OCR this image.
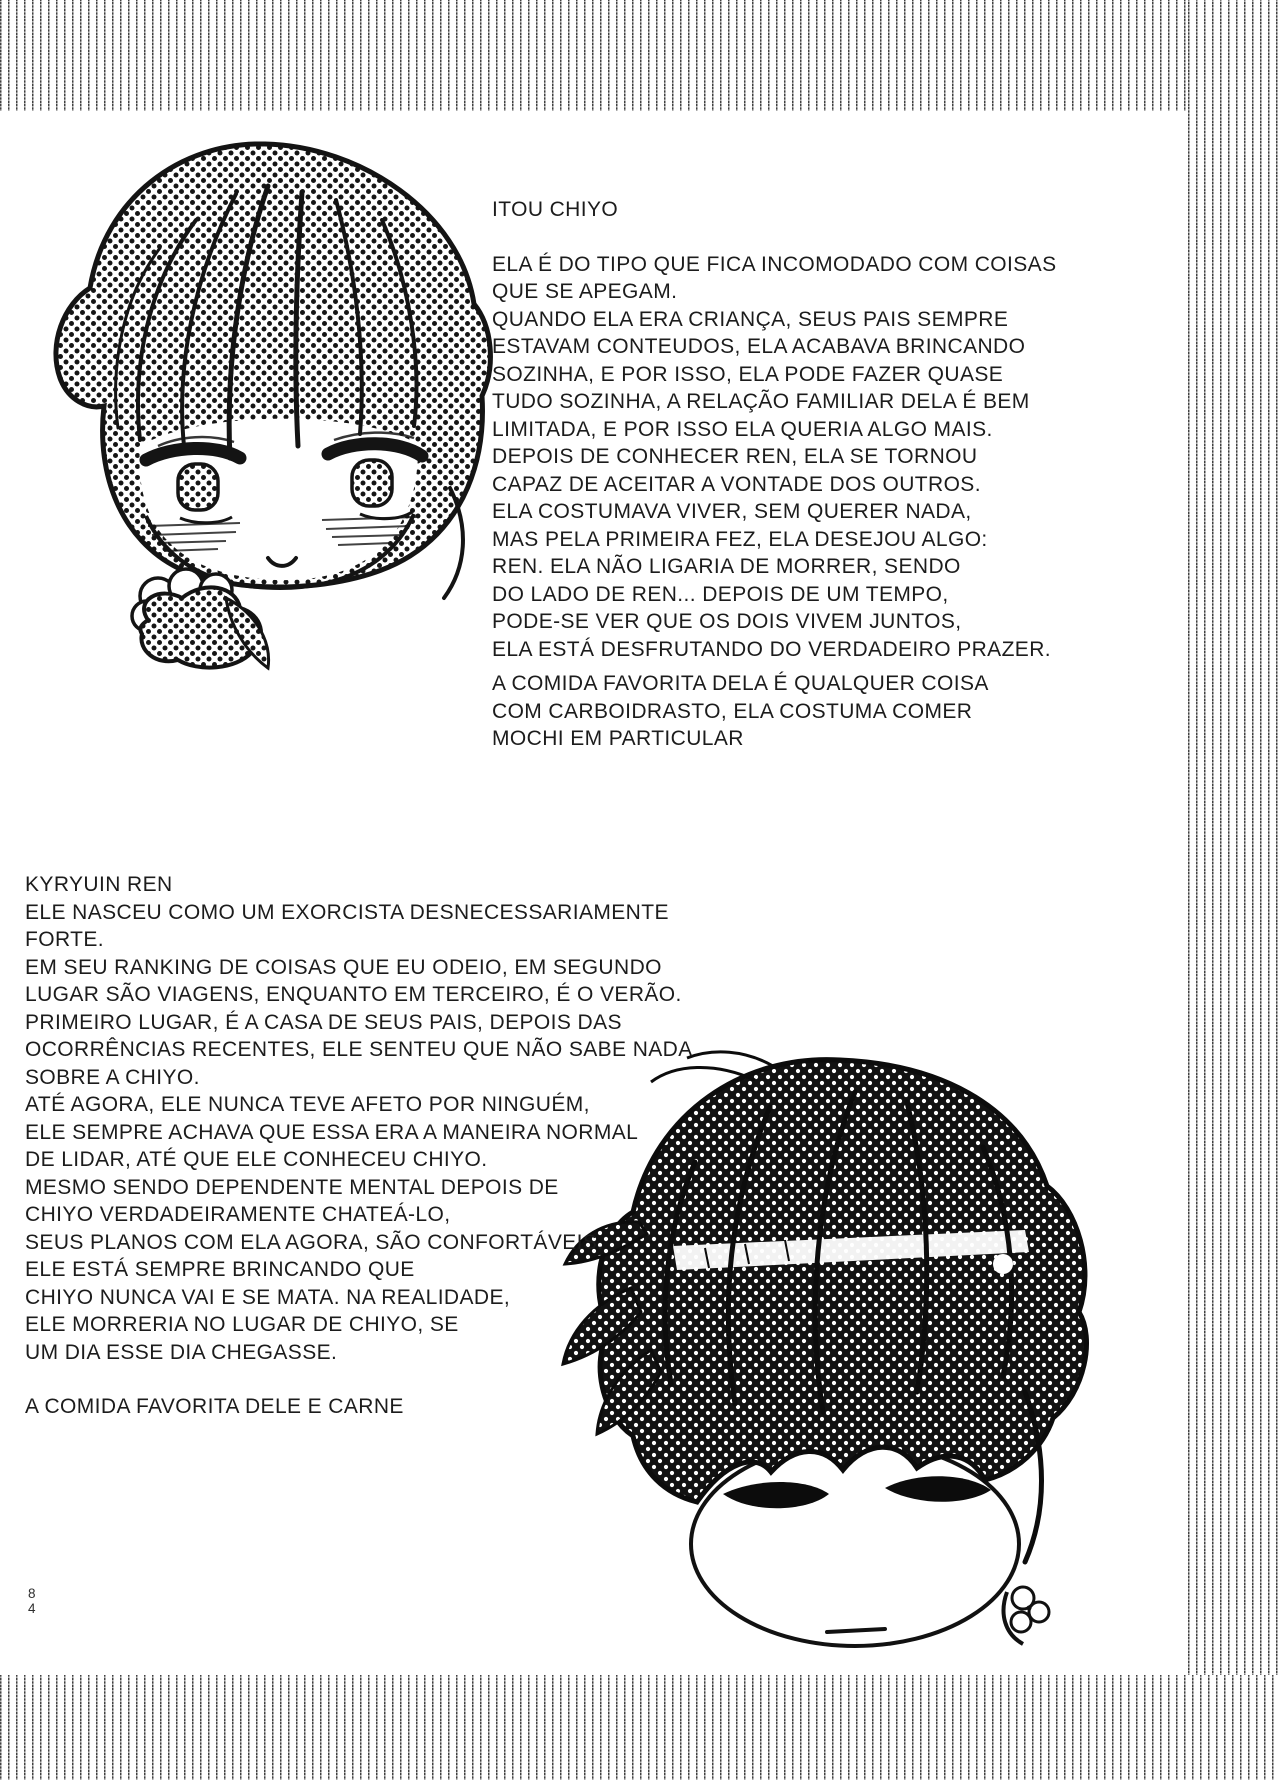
ITOU CHIYO
ELA É DO TIPO QUE FICA INCOMODADO COM COISAS
QUE SE APEGAM.
QUANDO ELA ERA CRIANÇA, SEUS PAIS SEMPRE
ESTAVAM CONTEUDOS, ELA ACABAVA BRINCANDO
SOZINHA, E POR ISSO, ELA PODE FAZER QUASE
TUDO SOZINHA, A RELAÇÃO FAMILIAR DELA É BEM
LIMITADA, E POR ISSO ELA QUERIA ALGO MAIS.
DEPOIS DE CONHECER REN, ELA SE TORNOU
CAPAZ DE ACEITAR A VONTADE DOS OUTROS.
ELA COSTUMAVA VIVER, SEM QUERER NADA,
MAS PELA PRIMEIRA FEZ, ELA DESEJOU ALGO:
REN. ELA NÃO LIGARIA DE MORRER, SENDO
DO LADO DE REN... DEPOIS DE UM TEMPO,
PODE-SE VER QUE OS DOIS VIVEM JUNTOS,
ELA ESTÁ DESFRUTANDO DO VERDADEIRO PRAZER.
A COMIDA FAVORITA DELA É QUALQUER COISA
COM CARBOIDRASTO, ELA COSTUMA COMER
MOCHI EM PARTICULAR
KYRYUIN REN
ELE NASCEU COMO UM EXORCISTA DESNECESSARIAMENTE
FORTE.
EM SEU RANKING DE COISAS QUE EU ODEIO, EM SEGUNDO
LUGAR SÃO VIAGENS, ENQUANTO EM TERCEIRO, É O VERÃO.
PRIMEIRO LUGAR, É A CASA DE SEUS PAIS, DEPOIS DAS
OCORRÊNCIAS RECENTES, ELE SENTEU QUE NÃO SABE NADA
SOBRE A CHIYO.
ATÉ AGORA, ELE NUNCA TEVE AFETO POR NINGUÉM,
ELE SEMPRE ACHAVA QUE ESSA ERA A MANEIRA NORMAL
DE LIDAR, ATÉ QUE ELE CONHECEU CHIYO.
MESMO SENDO DEPENDENTE MENTAL DEPOIS DE
CHIYO VERDADEIRAMENTE CHATEÁ-LO,
SEUS PLANOS COM ELA AGORA, SÃO CONFORTÁVEIS.
ELE ESTÁ SEMPRE BRINCANDO QUE
CHIYO NUNCA VAI E SE MATA. NA REALIDADE,
ELE MORRERIA NO LUGAR DE CHIYO, SE
UM DIA ESSE DIA CHEGASSE.
A COMIDA FAVORITA DELE E CARNE
8
4
